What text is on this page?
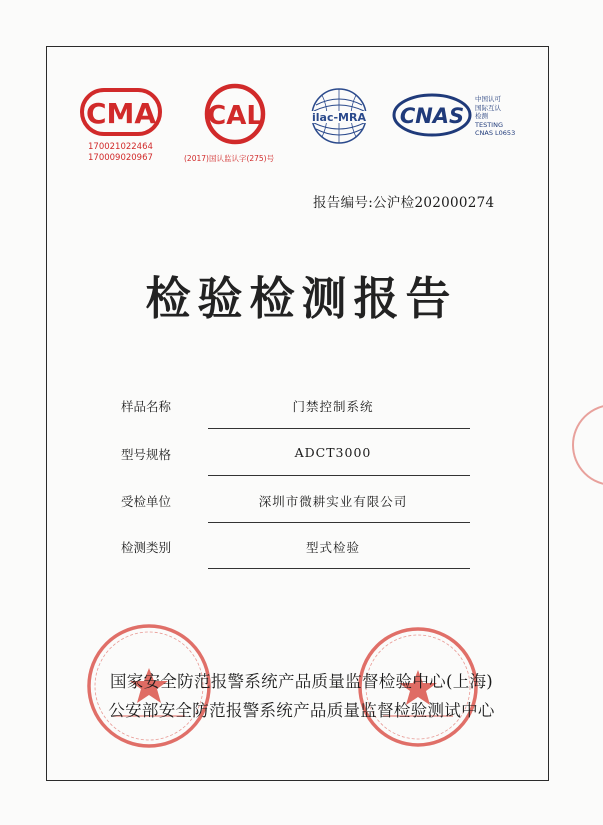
CMA
170021022464
170009020967
CAL
(2017)国认监认字(275)号
ilac-MRA CNAS
中国认可
国际互认
检测
TESTING
CNAS L0653
报告编号:公沪检202000274
检验检测报告
样品名称	门禁控制系统
型号规格	ADCT3000
受检单位	深圳市微耕实业有限公司
检测类别	型式检验
国家安全防范报警系统产品质量监督检验中心(上海)
公安部安全防范报警系统产品质量监督检验测试中心
